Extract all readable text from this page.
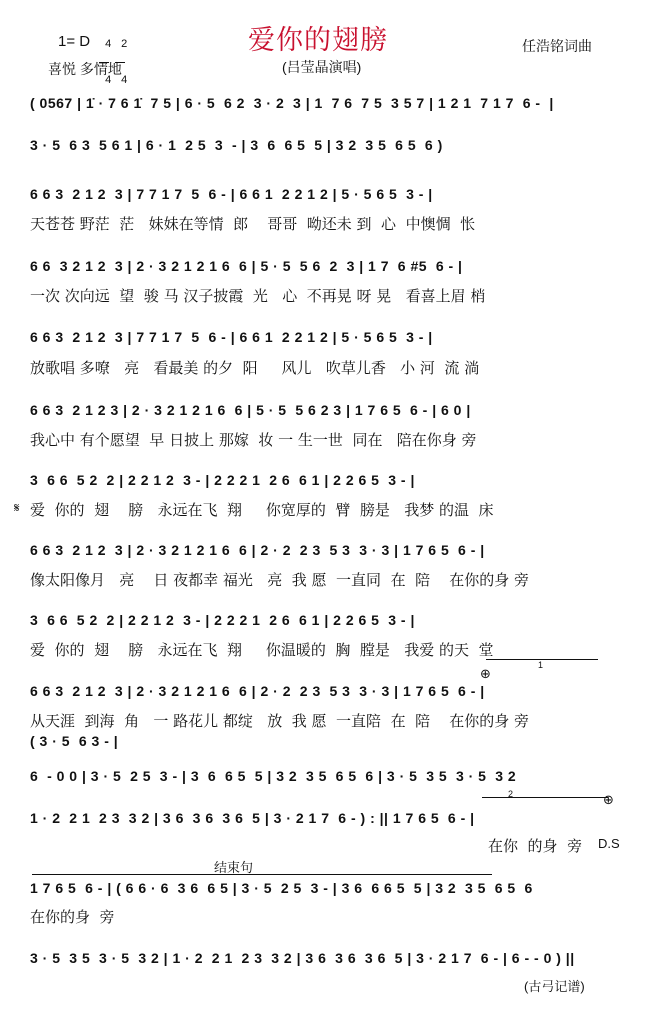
爱你的翅膀
1= D	4

4

2

4

喜悦 多情地
任浩铭词曲
(吕莹晶演唱)
( 0567 | 1̇ · 7 6 1̇  7 5 | 6 · 5  6 2  3 · 2  3 | 1  7 6  7 5  3 5 7 | 1 2 1  7 1 7  6 -  |
3 · 5  6 3  5 6 1 | 6 · 1  2 5  3  - | 3  6  6 5  5 | 3 2  3 5  6 5  6 )
6 6 3  2 1 2  3 | 7 7 1 7  5  6 - | 6 6 1  2 2 1 2 | 5 · 5 6 5  3 - |
天苍苍 野茫  茫   妹妹在等情  郎    哥哥  呦还未 到  心  中懊惆  怅
6 6  3 2 1 2  3 | 2 · 3 2 1 2 1 6  6 | 5 · 5  5 6  2  3 | 1 7  6 #5  6 - |
一次 次向远  望  骏 马 汉子披霞  光   心  不再晃 呀 晃   看喜上眉 梢
6 6 3  2 1 2  3 | 7 7 1 7  5  6 - | 6 6 1  2 2 1 2 | 5 · 5 6 5  3 - |
放歌唱 多嘹   亮   看最美 的夕  阳     风儿   吹草儿香   小 河  流 淌
6 6 3  2 1 2 3 | 2 · 3 2 1 2 1 6  6 | 5 · 5  5 6 2 3 | 1 7 6 5  6 - | 6 0 |
我心中 有个愿望  早 日披上 那嫁  妆 一 生一世  同在   陪在你身 旁
3  6 6  5 2  2 | 2 2 1 2  3 - | 2 2 2 1  2 6  6 1 | 2 2 6 5  3 - |
𝄋 爱  你的  翅    膀   永远在飞  翔     你宽厚的  臂  膀是   我梦 的温  床
6 6 3  2 1 2  3 | 2 · 3 2 1 2 1 6  6 | 2 · 2  2 3  5 3  3 · 3 | 1 7 6 5  6 - |
像太阳像月   亮    日 夜都幸 福光   亮  我 愿  一直同  在  陪    在你的身 旁
3  6 6  5 2  2 | 2 2 1 2  3 - | 2 2 2 1  2 6  6 1 | 2 2 6 5  3 - |
爱  你的  翅    膀   永远在飞  翔     你温暖的  胸  膛是   我爱 的天  堂
1
⊕
6 6 3  2 1 2  3 | 2 · 3 2 1 2 1 6  6 | 2 · 2  2 3  5 3  3 · 3 | 1 7 6 5  6 - |
从天涯  到海  角   一 路花儿 都绽   放  我 愿  一直陪  在  陪    在你的身 旁
( 3 · 5  6 3 - |
6  - 0 0 | 3 · 5  2 5  3 - | 3  6  6 5  5 | 3 2  3 5  6 5  6 | 3 · 5  3 5  3 · 5  3 2
2	⊕
1 · 2  2 1  2 3  3 2 | 3 6  3 6  3 6  5 | 3 · 2 1 7  6 - ) : || 1 7 6 5  6 - |
在你  的身  旁 D.S
结束句
1 7 6 5  6 - | ( 6 6 · 6  3 6  6 5 | 3 · 5  2 5  3 - | 3 6  6 6 5  5 | 3 2  3 5  6 5  6
在你的身  旁
3 · 5  3 5  3 · 5  3 2 | 1 · 2  2 1  2 3  3 2 | 3 6  3 6  3 6  5 | 3 · 2 1 7  6 - | 6 - - 0 ) ||
(古弓记谱)
